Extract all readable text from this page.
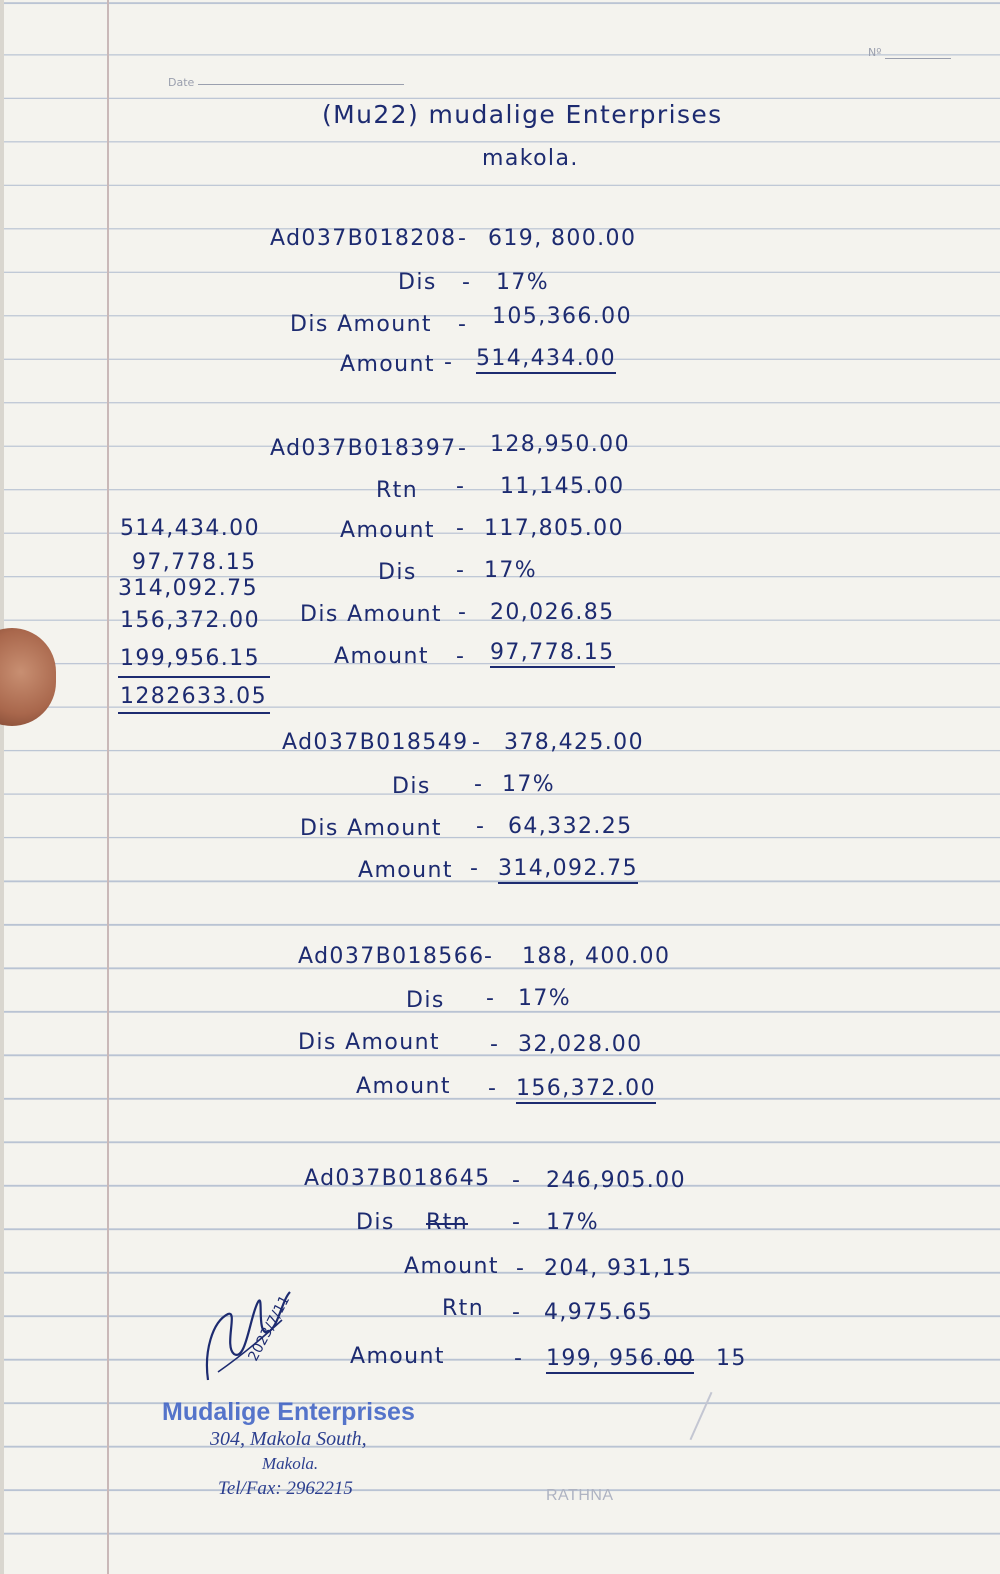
Date
Nº
(Mu22) mudalige Enterprises
makola.
Ad037B018208 - 619, 800.00
Dis - 17%
Dis Amount - 105,366.00
Amount - 514,434.00
Ad037B018397 - 128,950.00
Rtn - 11,145.00
Amount - 117,805.00
Dis - 17%
Dis Amount - 20,026.85
Amount - 97,778.15
514,434.00
97,778.15
314,092.75
156,372.00
199,956.15
1282633.05
Ad037B018549 - 378,425.00
Dis - 17%
Dis Amount - 64,332.25
Amount - 314,092.75
Ad037B018566 - 188, 400.00
Dis - 17%
Dis Amount - 32,028.00
Amount - 156,372.00
Ad037B018645 - 246,905.00
Dis Rtn - 17%
Amount - 204, 931,15
Rtn - 4,975.65
Amount	- 199, 956.00 15
2023/7/11
Mudalige Enterprises
304, Makola South,
Makola.
Tel/Fax: 2962215	RATHNA
